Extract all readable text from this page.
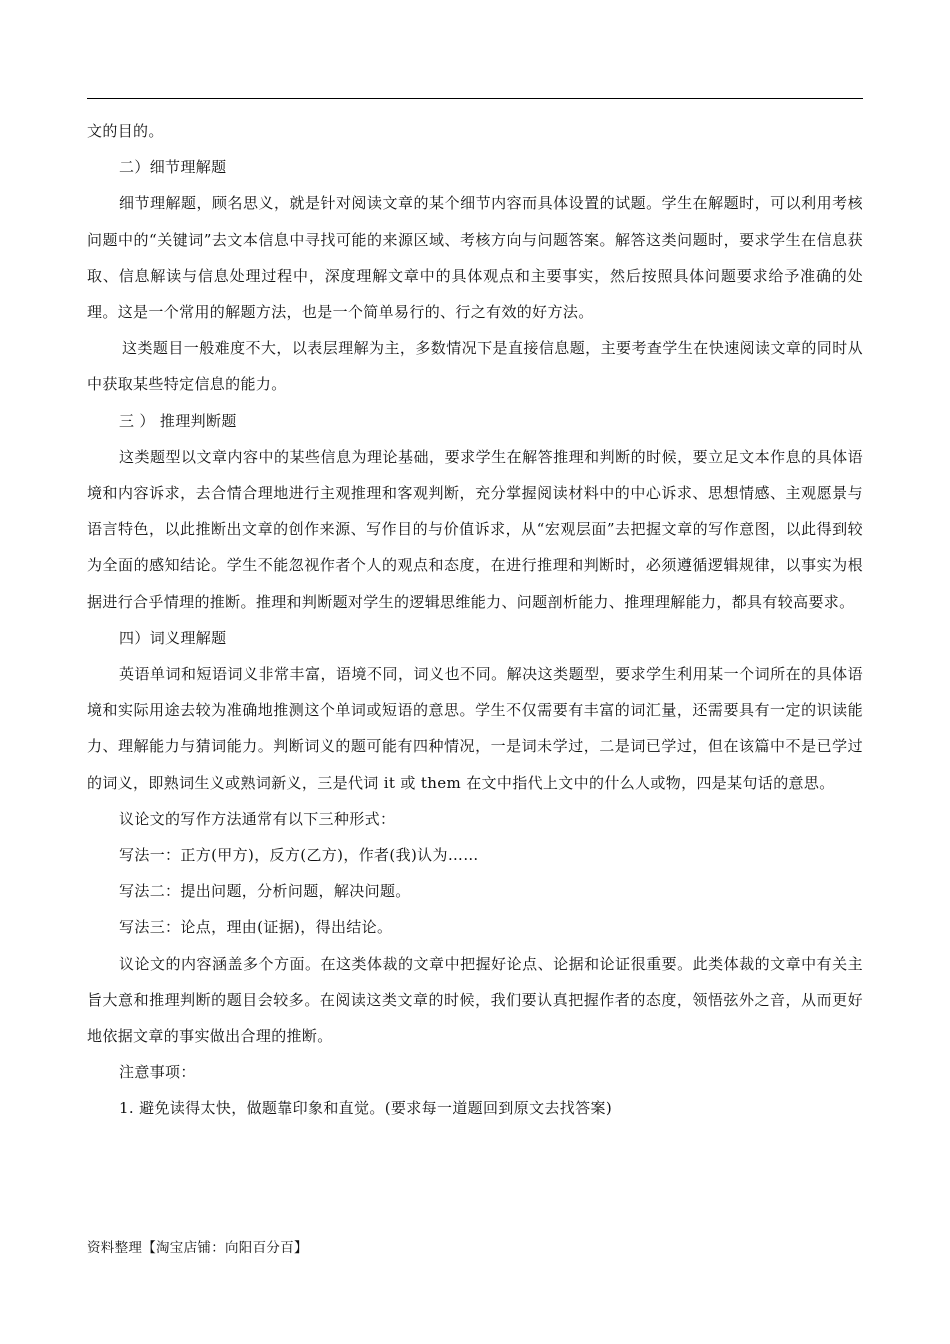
文的目的。

二）细节理解题

细节理解题，顾名思义，就是针对阅读文章的某个细节内容而具体设置的试题。学生在解题时，可以利用考核问题中的“关键词”去文本信息中寻找可能的来源区域、考核方向与问题答案。解答这类问题时，要求学生在信息获取、信息解读与信息处理过程中，深度理解文章中的具体观点和主要事实，然后按照具体问题要求给予准确的处理。这是一个常用的解题方法，也是一个简单易行的、行之有效的好方法。

这类题目一般难度不大，以表层理解为主，多数情况下是直接信息题，主要考查学生在快速阅读文章的同时从中获取某些特定信息的能力。

三 ） 推理判断题

这类题型以文章内容中的某些信息为理论基础，要求学生在解答推理和判断的时候，要立足文本作息的具体语境和内容诉求，去合情合理地进行主观推理和客观判断，充分掌握阅读材料中的中心诉求、思想情感、主观愿景与语言特色，以此推断出文章的创作来源、写作目的与价值诉求，从“宏观层面”去把握文章的写作意图，以此得到较为全面的感知结论。学生不能忽视作者个人的观点和态度，在进行推理和判断时，必须遵循逻辑规律，以事实为根据进行合乎情理的推断。推理和判断题对学生的逻辑思维能力、问题剖析能力、推理理解能力，都具有较高要求。

四）词义理解题

英语单词和短语词义非常丰富，语境不同，词义也不同。解决这类题型，要求学生利用某一个词所在的具体语境和实际用途去较为准确地推测这个单词或短语的意思。学生不仅需要有丰富的词汇量，还需要具有一定的识读能力、理解能力与猜词能力。判断词义的题可能有四种情况，一是词未学过，二是词已学过，但在该篇中不是已学过的词义，即熟词生义或熟词新义，三是代词 it 或 them 在文中指代上文中的什么人或物，四是某句话的意思。

议论文的写作方法通常有以下三种形式：

写法一：正方(甲方)，反方(乙方)，作者(我)认为……

写法二：提出问题，分析问题，解决问题。

写法三：论点，理由(证据)，得出结论。

议论文的内容涵盖多个方面。在这类体裁的文章中把握好论点、论据和论证很重要。此类体裁的文章中有关主旨大意和推理判断的题目会较多。在阅读这类文章的时候，我们要认真把握作者的态度，领悟弦外之音，从而更好地依据文章的事实做出合理的推断。

注意事项：

1. 避免读得太快，做题靠印象和直觉。(要求每一道题回到原文去找答案)

资料整理【淘宝店铺：向阳百分百】
